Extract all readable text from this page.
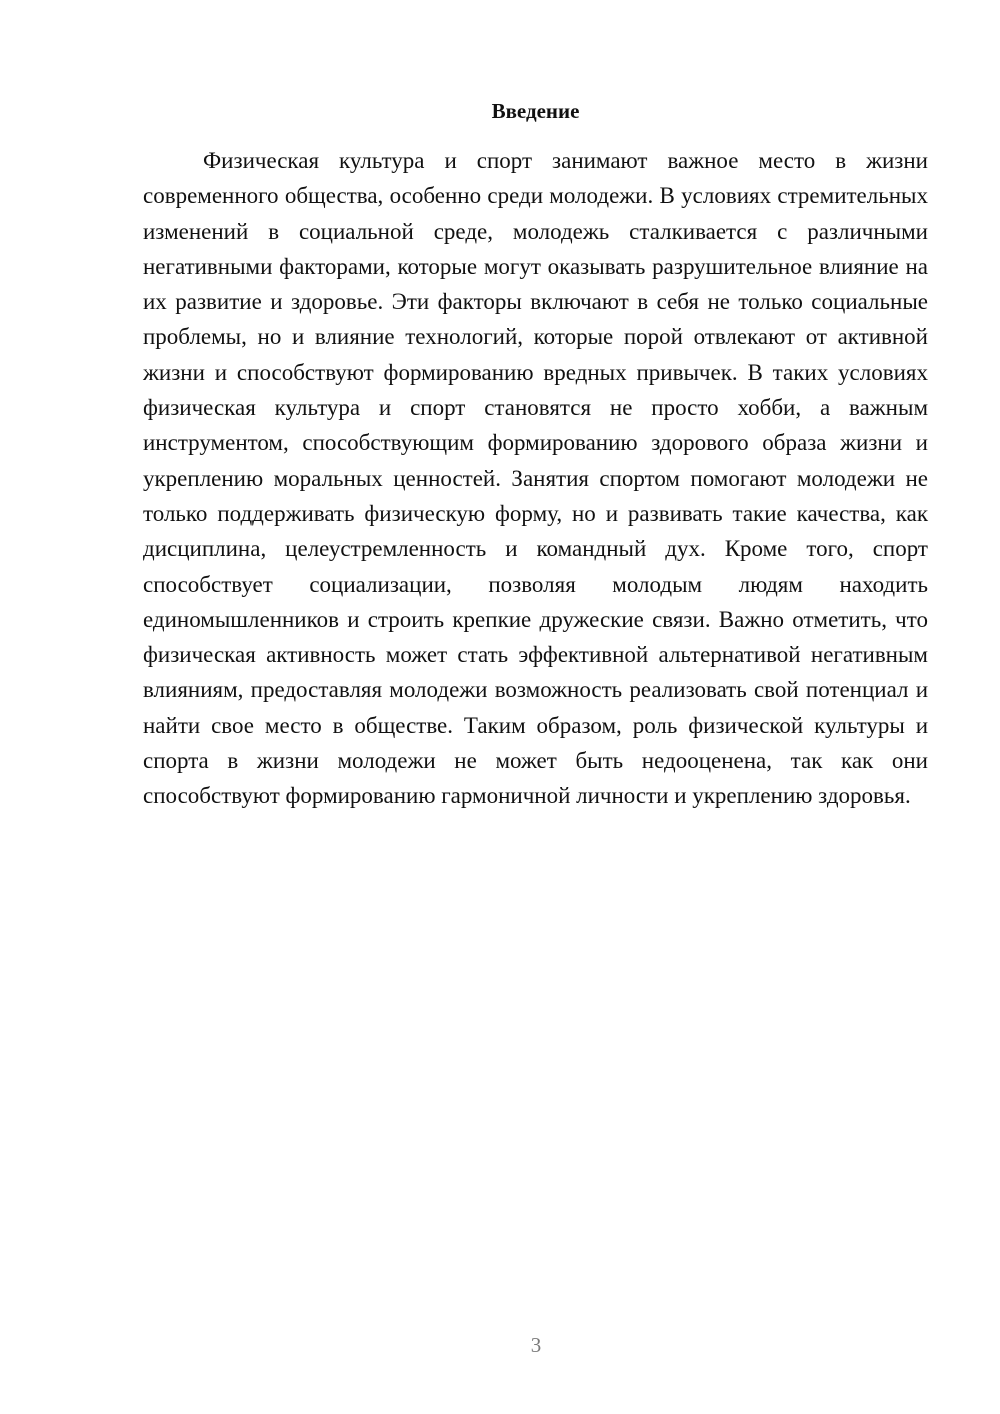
Введение

Физическая культура и спорт занимают важное место в жизни современного общества, особенно среди молодежи. В условиях стремительных изменений в социальной среде, молодежь сталкивается с различными негативными факторами, которые могут оказывать разрушительное влияние на их развитие и здоровье. Эти факторы включают в себя не только социальные проблемы, но и влияние технологий, которые порой отвлекают от активной жизни и способствуют формированию вредных привычек. В таких условиях физическая культура и спорт становятся не просто хобби, а важным инструментом, способствующим формированию здорового образа жизни и укреплению моральных ценностей. Занятия спортом помогают молодежи не только поддерживать физическую форму, но и развивать такие качества, как дисциплина, целеустремленность и командный дух. Кроме того, спорт способствует социализации, позволяя молодым людям находить единомышленников и строить крепкие дружеские связи. Важно отметить, что физическая активность может стать эффективной альтернативой негативным влияниям, предоставляя молодежи возможность реализовать свой потенциал и найти свое место в обществе. Таким образом, роль физической культуры и спорта в жизни молодежи не может быть недооценена, так как они способствуют формированию гармоничной личности и укреплению здоровья.

3
